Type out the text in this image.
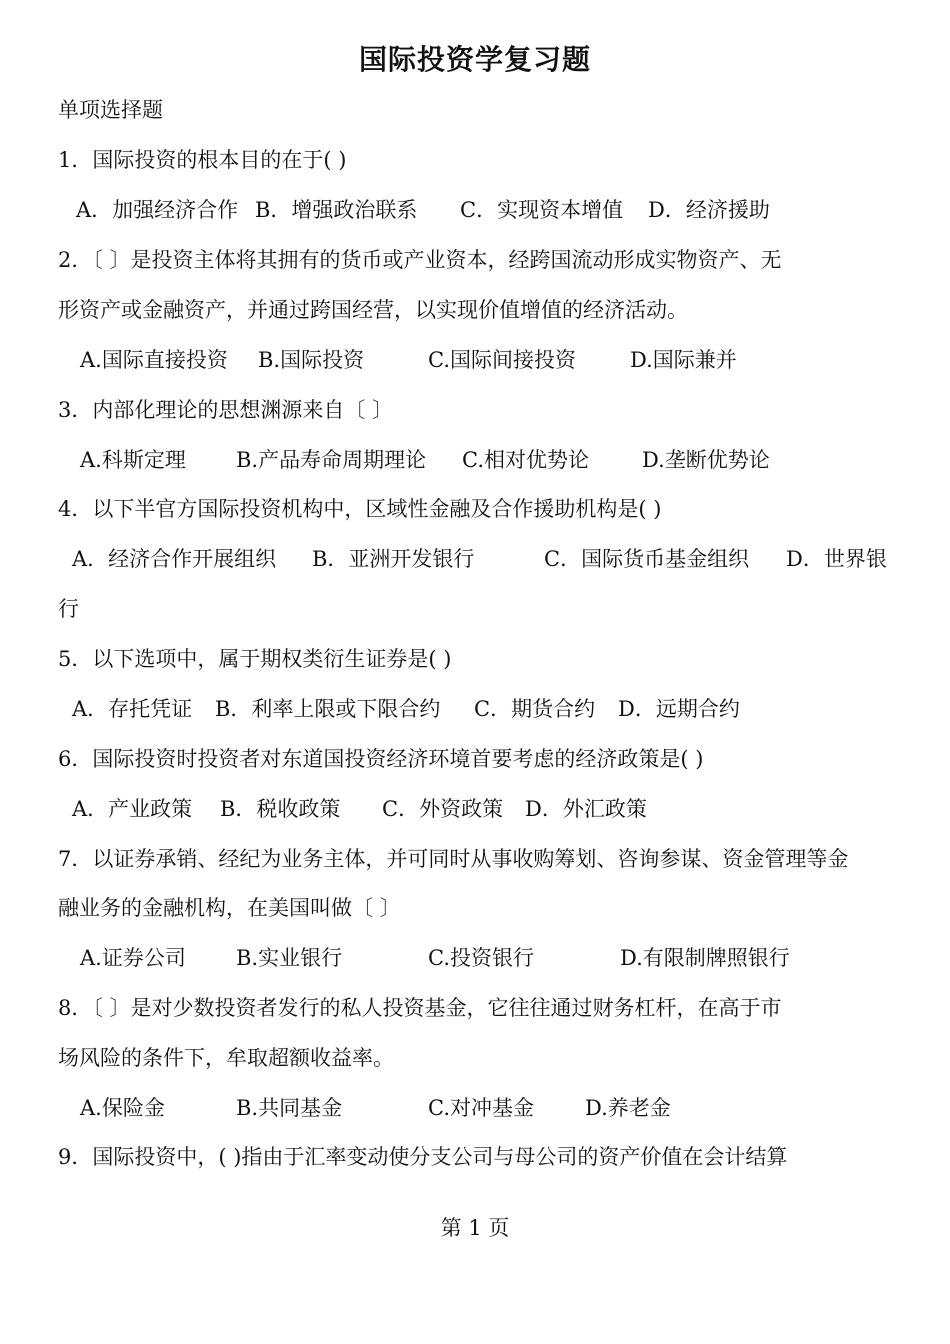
国际投资学复习题
单项选择题
1．国际投资的根本目的在于( )
A．加强经济合作 B．增强政治联系 C．实现资本增值 D．经济援助
2．〔 〕是投资主体将其拥有的货币或产业资本，经跨国流动形成实物资产、无
形资产或金融资产，并通过跨国经营，以实现价值增值的经济活动。
A.国际直接投资 B.国际投资	C.国际间接投资	D.国际兼并
3．内部化理论的思想渊源来自〔 〕
A.科斯定理 B.产品寿命周期理论 C.相对优势论	D.垄断优势论
4．以下半官方国际投资机构中，区域性金融及合作援助机构是( )
A．经济合作开展组织 B．亚洲开发银行	C．国际货币基金组织 D．世界银
行
5．以下选项中，属于期权类衍生证券是( )
A．存托凭证 B．利率上限或下限合约 C．期货合约 D．远期合约
6．国际投资时投资者对东道国投资经济环境首要考虑的经济政策是( )
A．产业政策 B．税收政策 C．外资政策 D．外汇政策
7．以证券承销、经纪为业务主体，并可同时从事收购筹划、咨询参谋、资金管理等金
融业务的金融机构，在美国叫做〔 〕
A.证券公司 B.实业银行	C.投资银行	D.有限制牌照银行
8．〔 〕是对少数投资者发行的私人投资基金，它往往通过财务杠杆，在高于市
场风险的条件下，牟取超额收益率。
A.保险金	B.共同基金	C.对冲基金 D.养老金
9．国际投资中，( )指由于汇率变动使分支公司与母公司的资产价值在会计结算
第 1 页
